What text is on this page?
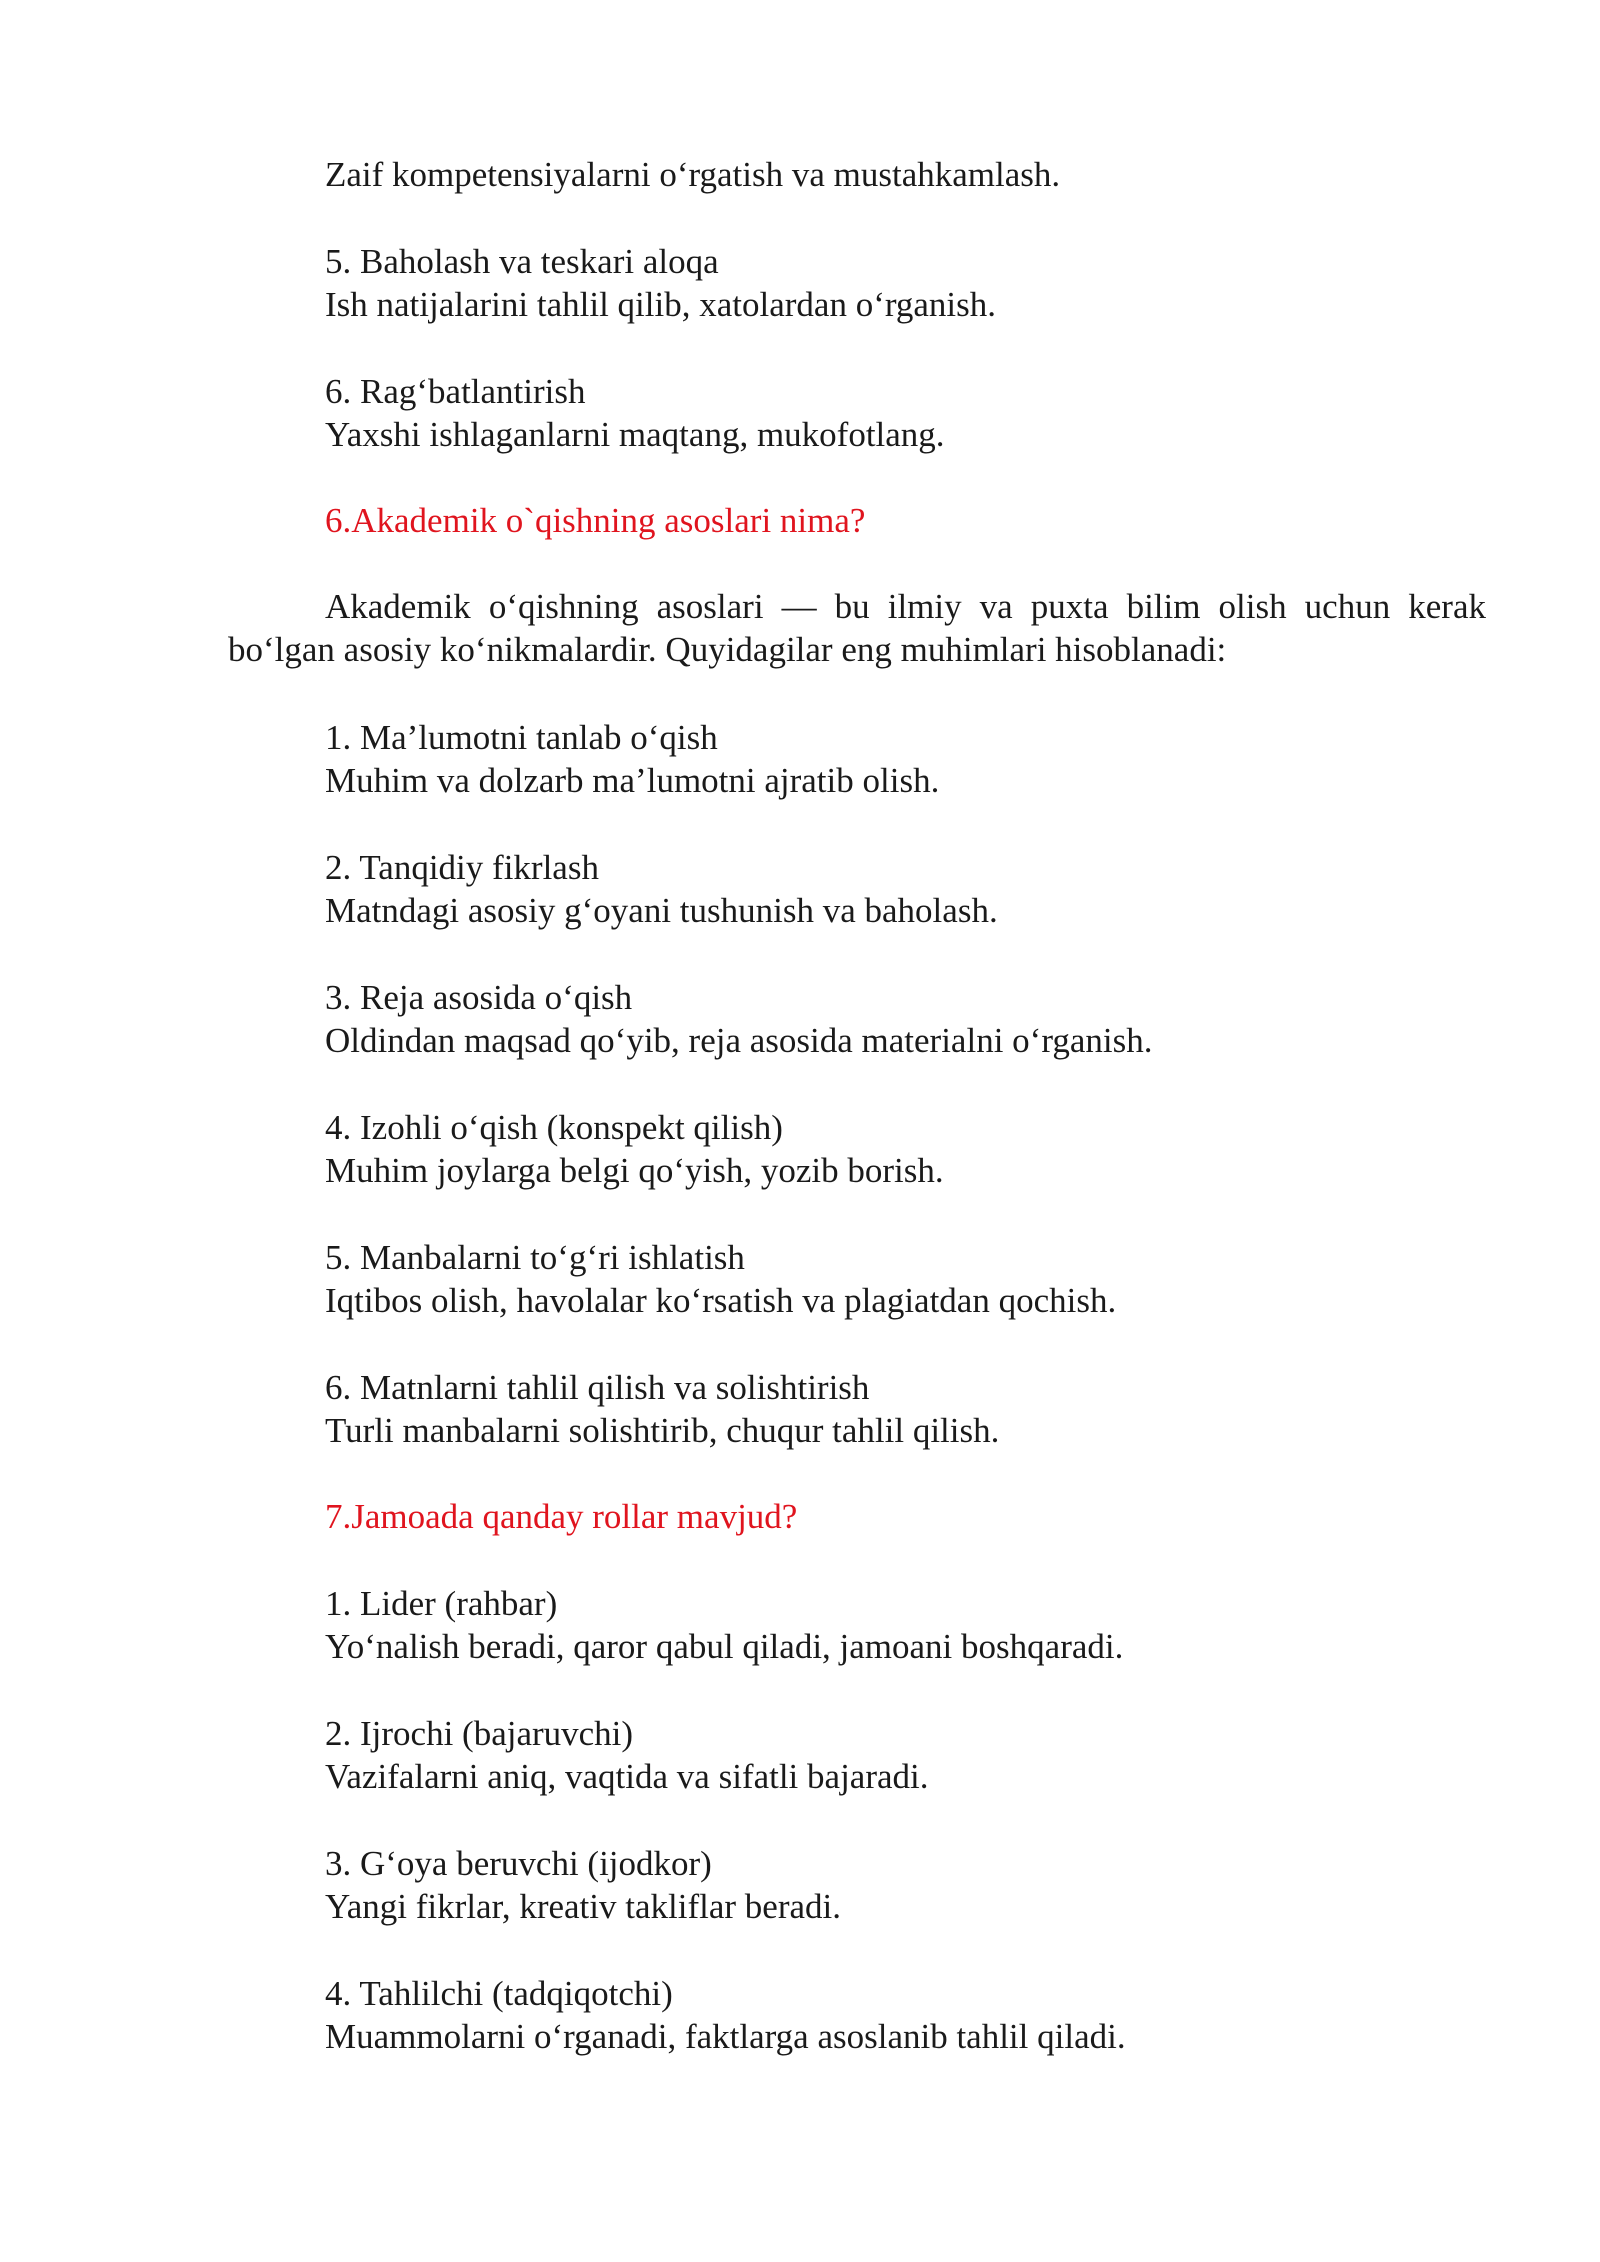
Zaif kompetensiyalarni o‘rgatish va mustahkamlash.
5. Baholash va teskari aloqa
Ish natijalarini tahlil qilib, xatolardan o‘rganish.
6. Rag‘batlantirish
Yaxshi ishlaganlarni maqtang, mukofotlang.
6.Akademik o`qishning asoslari nima?
Akademik o‘qishning asoslari — bu ilmiy va puxta bilim olish uchun kerak bo‘lgan asosiy ko‘nikmalardir. Quyidagilar eng muhimlari hisoblanadi:
1. Ma’lumotni tanlab o‘qish
Muhim va dolzarb ma’lumotni ajratib olish.
2. Tanqidiy fikrlash
Matndagi asosiy g‘oyani tushunish va baholash.
3. Reja asosida o‘qish
Oldindan maqsad qo‘yib, reja asosida materialni o‘rganish.
4. Izohli o‘qish (konspekt qilish)
Muhim joylarga belgi qo‘yish, yozib borish.
5. Manbalarni to‘g‘ri ishlatish
Iqtibos olish, havolalar ko‘rsatish va plagiatdan qochish.
6. Matnlarni tahlil qilish va solishtirish
Turli manbalarni solishtirib, chuqur tahlil qilish.
7.Jamoada qanday rollar mavjud?
1. Lider (rahbar)
Yo‘nalish beradi, qaror qabul qiladi, jamoani boshqaradi.
2. Ijrochi (bajaruvchi)
Vazifalarni aniq, vaqtida va sifatli bajaradi.
3. G‘oya beruvchi (ijodkor)
Yangi fikrlar, kreativ takliflar beradi.
4. Tahlilchi (tadqiqotchi)
Muammolarni o‘rganadi, faktlarga asoslanib tahlil qiladi.
